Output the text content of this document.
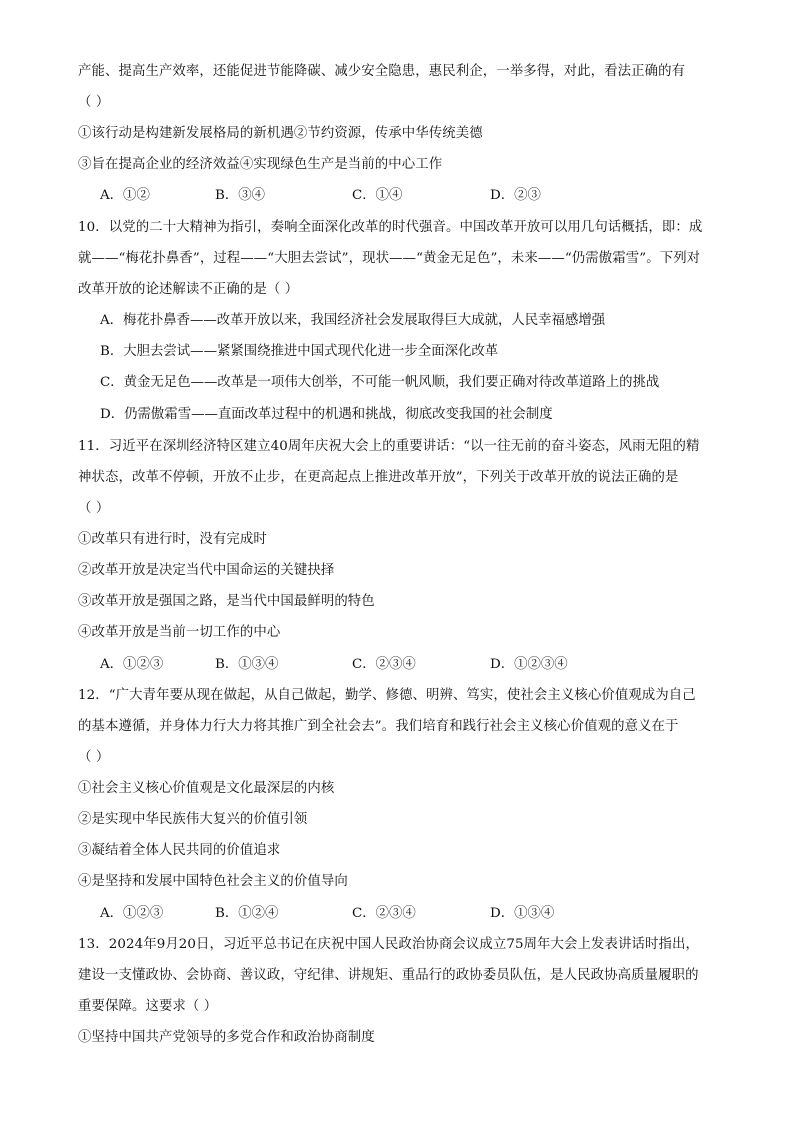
产能、提高生产效率，还能促进节能降碳、减少安全隐患，惠民利企，一举多得，对此，看法正确的有
（ ）
①该行动是构建新发展格局的新机遇②节约资源，传承中华传统美德
③旨在提高企业的经济效益④实现绿色生产是当前的中心工作
A．①②	B．③④	C．①④	D．②③
10．以党的二十大精神为指引，奏响全面深化改革的时代强音。中国改革开放可以用几句话概括，即：成
就——“梅花扑鼻香”，过程——“大胆去尝试”，现状——“黄金无足色”，未来——“仍需傲霜雪”。下列对
改革开放的论述解读不正确的是（ ）
A．梅花扑鼻香——改革开放以来，我国经济社会发展取得巨大成就，人民幸福感增强
B．大胆去尝试——紧紧围绕推进中国式现代化进一步全面深化改革
C．黄金无足色——改革是一项伟大创举，不可能一帆风顺，我们要正确对待改革道路上的挑战
D．仍需傲霜雪——直面改革过程中的机遇和挑战，彻底改变我国的社会制度
11．习近平在深圳经济特区建立40周年庆祝大会上的重要讲话：“以一往无前的奋斗姿态，风雨无阻的精
神状态，改革不停顿，开放不止步，在更高起点上推进改革开放”，下列关于改革开放的说法正确的是
（ ）
①改革只有进行时，没有完成时
②改革开放是决定当代中国命运的关键抉择
③改革开放是强国之路，是当代中国最鲜明的特色
④改革开放是当前一切工作的中心
A．①②③	B．①③④	C．②③④	D．①②③④
12．“广大青年要从现在做起，从自己做起，勤学、修德、明辨、笃实，使社会主义核心价值观成为自己
的基本遵循，并身体力行大力将其推广到全社会去”。我们培育和践行社会主义核心价值观的意义在于
（ ）
①社会主义核心价值观是文化最深层的内核
②是实现中华民族伟大复兴的价值引领
③凝结着全体人民共同的价值追求
④是坚持和发展中国特色社会主义的价值导向
A．①②③	B．①②④	C．②③④	D．①③④
13．2024年9月20日，习近平总书记在庆祝中国人民政治协商会议成立75周年大会上发表讲话时指出，
建设一支懂政协、会协商、善议政，守纪律、讲规矩、重品行的政协委员队伍，是人民政协高质量履职的
重要保障。这要求（ ）
①坚持中国共产党领导的多党合作和政治协商制度
